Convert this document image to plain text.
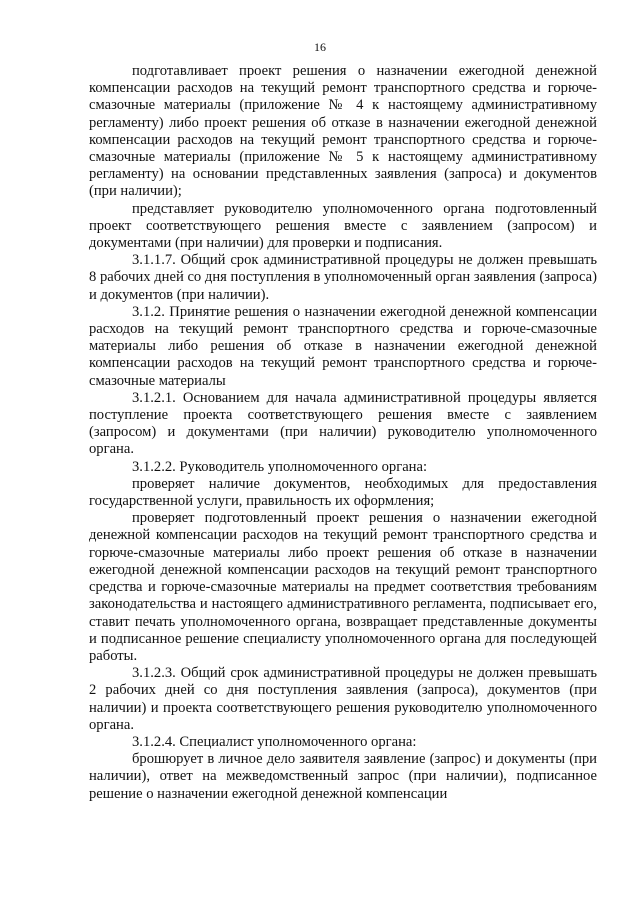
16

подготавливает проект решения о назначении ежегодной денежной компенсации расходов на текущий ремонт транспортного средства и горюче-смазочные материалы (приложение № 4 к настоящему административному регламенту) либо проект решения об отказе в назначении ежегодной денежной компенсации расходов на текущий ремонт транспортного средства и горюче-смазочные материалы (приложение № 5 к настоящему административному регламенту) на основании представленных заявления (запроса) и документов (при наличии);

представляет руководителю уполномоченного органа подготовленный проект соответствующего решения вместе с заявлением (запросом) и документами (при наличии) для проверки и подписания.

3.1.1.7. Общий срок административной процедуры не должен превышать 8 рабочих дней со дня поступления в уполномоченный орган заявления (запроса) и документов (при наличии).

3.1.2. Принятие решения о назначении ежегодной денежной компенсации расходов на текущий ремонт транспортного средства и горюче-смазочные материалы либо решения об отказе в назначении ежегодной денежной компенсации расходов на текущий ремонт транспортного средства и горюче-смазочные материалы

3.1.2.1. Основанием для начала административной процедуры является поступление проекта соответствующего решения вместе с заявлением (запросом) и документами (при наличии) руководителю уполномоченного органа.

3.1.2.2. Руководитель уполномоченного органа:

проверяет наличие документов, необходимых для предоставления государственной услуги, правильность их оформления;

проверяет подготовленный проект решения о назначении ежегодной денежной компенсации расходов на текущий ремонт транспортного средства и горюче-смазочные материалы либо проект решения об отказе в назначении ежегодной денежной компенсации расходов на текущий ремонт транспортного средства и горюче-смазочные материалы на предмет соответствия требованиям законодательства и настоящего административного регламента, подписывает его, ставит печать уполномоченного органа, возвращает представленные документы и подписанное решение специалисту уполномоченного органа для последующей работы.

3.1.2.3. Общий срок административной процедуры не должен превышать 2 рабочих дней со дня поступления заявления (запроса), документов (при наличии) и проекта соответствующего решения руководителю уполномоченного органа.

3.1.2.4. Специалист уполномоченного органа:

брошюрует в личное дело заявителя заявление (запрос) и документы (при наличии), ответ на межведомственный запрос (при наличии), подписанное решение о назначении ежегодной денежной компенсации
